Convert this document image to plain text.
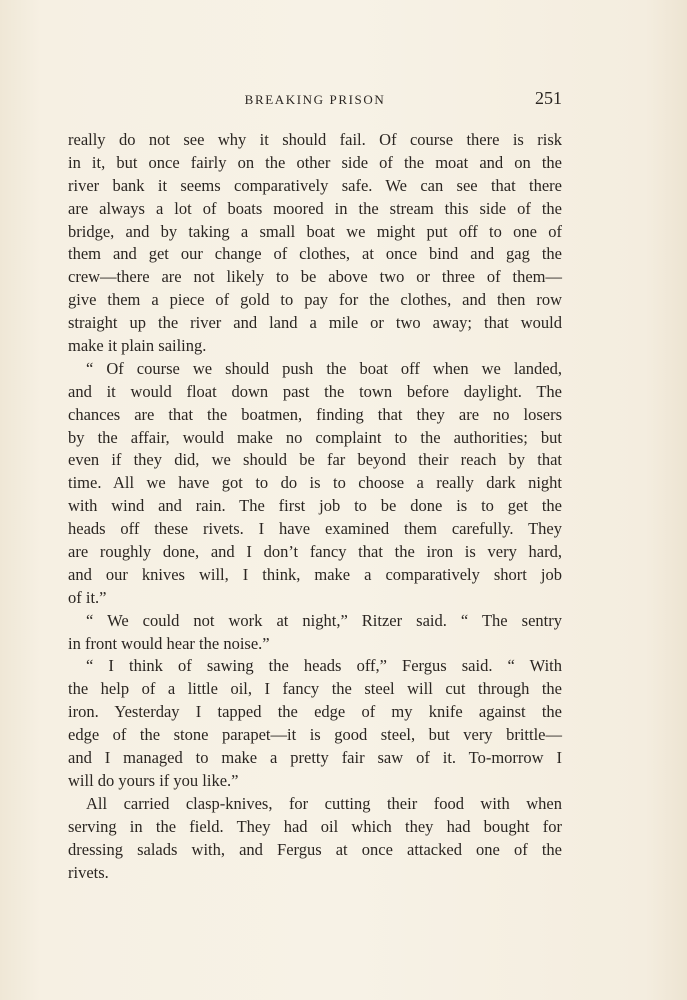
BREAKING PRISON	251
really do not see why it should fail. Of course there is risk
in it, but once fairly on the other side of the moat and on the
river bank it seems comparatively safe. We can see that there
are always a lot of boats moored in the stream this side of the
bridge, and by taking a small boat we might put off to one of
them and get our change of clothes, at once bind and gag the
crew—there are not likely to be above two or three of them—
give them a piece of gold to pay for the clothes, and then row
straight up the river and land a mile or two away; that would
make it plain sailing.
“ Of course we should push the boat off when we landed,
and it would float down past the town before daylight. The
chances are that the boatmen, finding that they are no losers
by the affair, would make no complaint to the authorities; but
even if they did, we should be far beyond their reach by that
time. All we have got to do is to choose a really dark night
with wind and rain. The first job to be done is to get the
heads off these rivets. I have examined them carefully. They
are roughly done, and I don’t fancy that the iron is very hard,
and our knives will, I think, make a comparatively short job
of it.”
“ We could not work at night,” Ritzer said. “ The sentry
in front would hear the noise.”
“ I think of sawing the heads off,” Fergus said. “ With
the help of a little oil, I fancy the steel will cut through the
iron. Yesterday I tapped the edge of my knife against the
edge of the stone parapet—it is good steel, but very brittle—
and I managed to make a pretty fair saw of it. To-morrow I
will do yours if you like.”
All carried clasp-knives, for cutting their food with when
serving in the field. They had oil which they had bought for
dressing salads with, and Fergus at once attacked one of the
rivets.
